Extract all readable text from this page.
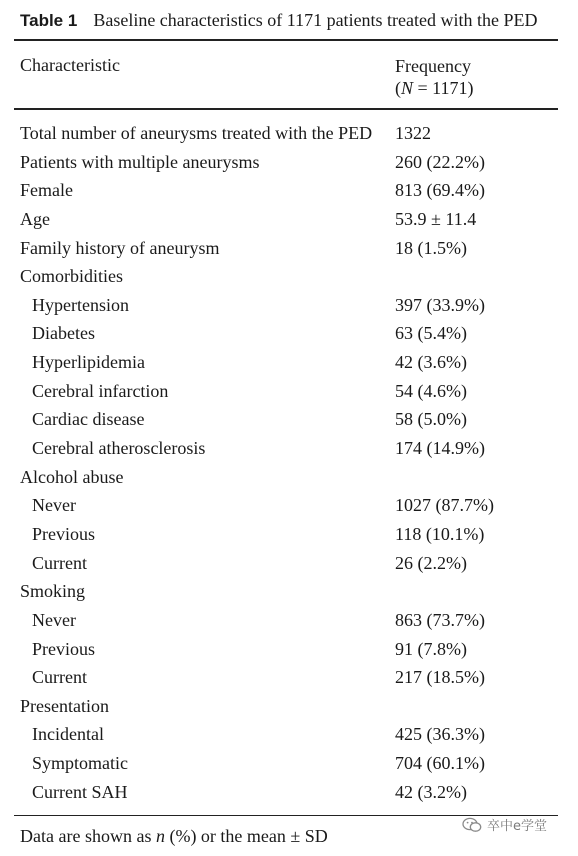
Table 1 Baseline characteristics of 1171 patients treated with the PED
Characteristic	Frequency
(N = 1171)
Total number of aneurysms treated with the PED 1322
Patients with multiple aneurysms	260 (22.2%)
Female	813 (69.4%)
Age	53.9 ± 11.4
Family history of aneurysm	18 (1.5%)
Comorbidities
Hypertension	397 (33.9%)
Diabetes	63 (5.4%)
Hyperlipidemia	42 (3.6%)
Cerebral infarction	54 (4.6%)
Cardiac disease	58 (5.0%)
Cerebral atherosclerosis	174 (14.9%)
Alcohol abuse
Never	1027 (87.7%)
Previous	118 (10.1%)
Current	26 (2.2%)
Smoking
Never	863 (73.7%)
Previous	91 (7.8%)
Current	217 (18.5%)
Presentation
Incidental	425 (36.3%)
Symptomatic	704 (60.1%)
Current SAH	42 (3.2%)
Data are shown as n (%) or the mean ± SD	卒中e学堂
